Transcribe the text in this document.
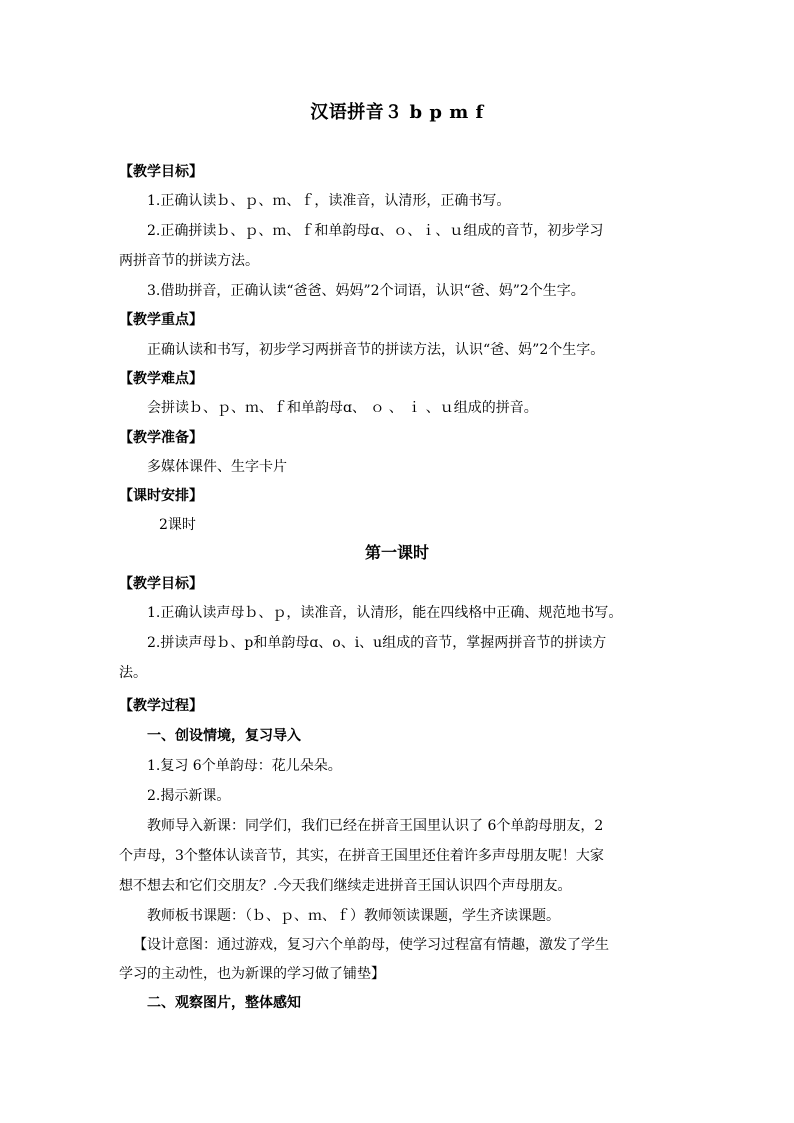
汉语拼音３ b p m f
【教学目标】
1.正确认读ｂ、ｐ、ｍ、ｆ，读准音，认清形，正确书写。
2.正确拼读ｂ、ｐ、ｍ、ｆ和单韵母ɑ、ｏ、ｉ、ｕ组成的音节，初步学习
两拼音节的拼读方法。
3.借助拼音，正确认读“爸爸、妈妈”2个词语，认识“爸、妈”2个生字。
【教学重点】
正确认读和书写，初步学习两拼音节的拼读方法，认识“爸、妈”2个生字。
【教学难点】
会拼读ｂ、ｐ、ｍ、ｆ和单韵母ɑ、 ｏ 、 ｉ 、ｕ组成的拼音。
【教学准备】
多媒体课件、生字卡片
【课时安排】
2课时
第一课时
【教学目标】
1.正确认读声母ｂ、ｐ，读准音，认清形，能在四线格中正确、规范地书写。
2.拼读声母ｂ、p和单韵母ɑ、o、i、u组成的音节，掌握两拼音节的拼读方
法。
【教学过程】
一、创设情境，复习导入
1.复习 6个单韵母：花儿朵朵。
2.揭示新课。
教师导入新课：同学们，我们已经在拼音王国里认识了 6个单韵母朋友，2
个声母，3个整体认读音节，其实，在拼音王国里还住着许多声母朋友呢！大家
想不想去和它们交朋友？.今天我们继续走进拼音王国认识四个声母朋友。
教师板书课题：（ｂ、ｐ、ｍ、ｆ）教师领读课题，学生齐读课题。
【设计意图：通过游戏，复习六个单韵母，使学习过程富有情趣，激发了学生
学习的主动性，也为新课的学习做了铺垫】
二、观察图片，整体感知
